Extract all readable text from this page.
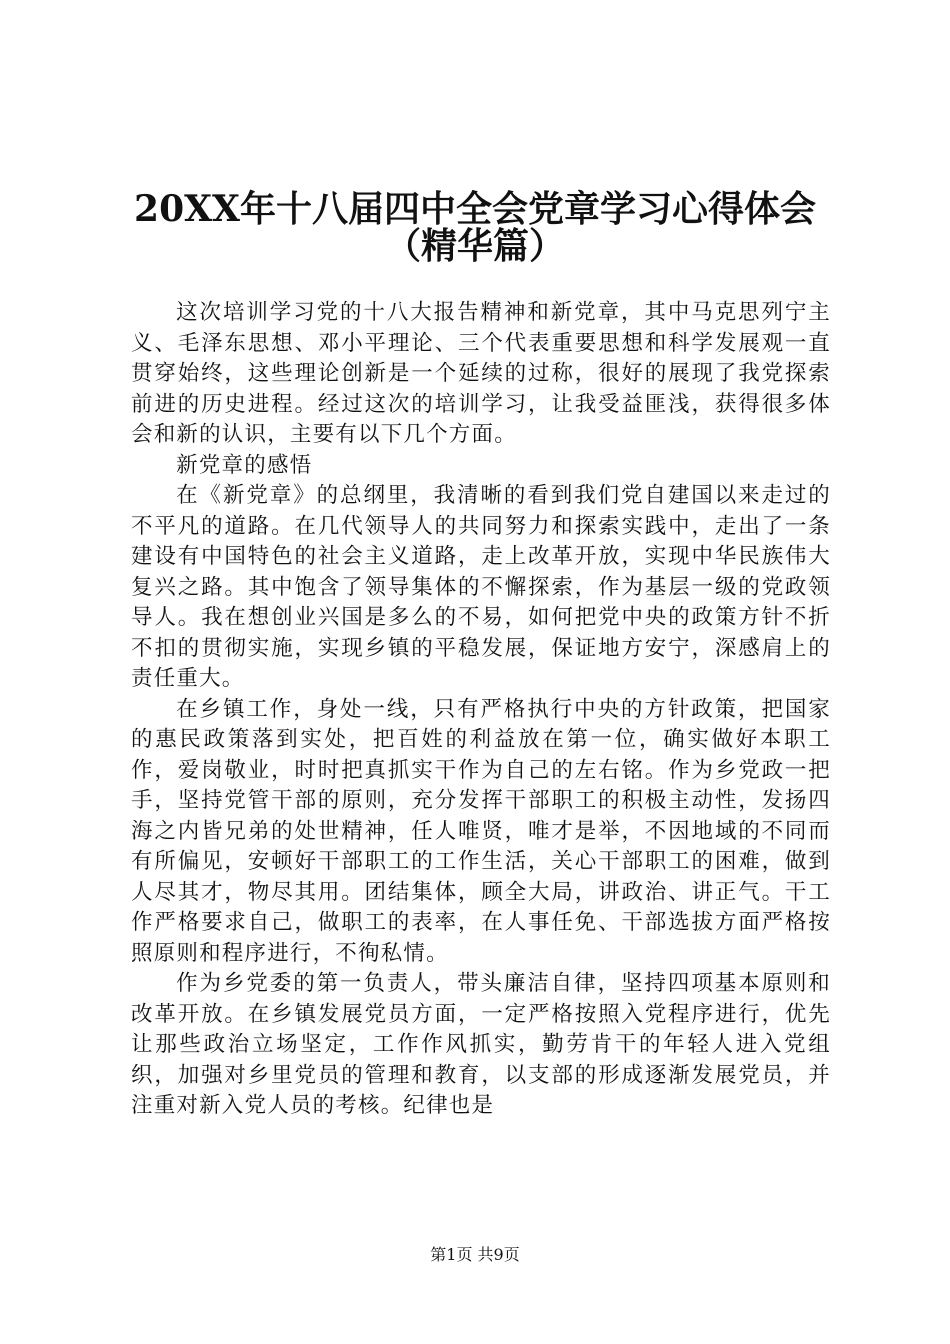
20XX年十八届四中全会党章学习心得体会
（精华篇）

这次培训学习党的十八大报告精神和新党章，其中马克思列宁主义、毛泽东思想、邓小平理论、三个代表重要思想和科学发展观一直贯穿始终，这些理论创新是一个延续的过称，很好的展现了我党探索前进的历史进程。经过这次的培训学习，让我受益匪浅，获得很多体会和新的认识，主要有以下几个方面。

新党章的感悟

在《新党章》的总纲里，我清晰的看到我们党自建国以来走过的不平凡的道路。在几代领导人的共同努力和探索实践中，走出了一条建设有中国特色的社会主义道路，走上改革开放，实现中华民族伟大复兴之路。其中饱含了领导集体的不懈探索，作为基层一级的党政领导人。我在想创业兴国是多么的不易，如何把党中央的政策方针不折不扣的贯彻实施，实现乡镇的平稳发展，保证地方安宁，深感肩上的责任重大。

在乡镇工作，身处一线，只有严格执行中央的方针政策，把国家的惠民政策落到实处，把百姓的利益放在第一位，确实做好本职工作，爱岗敬业，时时把真抓实干作为自己的左右铭。作为乡党政一把手，坚持党管干部的原则，充分发挥干部职工的积极主动性，发扬四海之内皆兄弟的处世精神，任人唯贤，唯才是举，不因地域的不同而有所偏见，安顿好干部职工的工作生活，关心干部职工的困难，做到人尽其才，物尽其用。团结集体，顾全大局，讲政治、讲正气。干工作严格要求自己，做职工的表率，在人事任免、干部选拔方面严格按照原则和程序进行，不徇私情。

作为乡党委的第一负责人，带头廉洁自律，坚持四项基本原则和改革开放。在乡镇发展党员方面，一定严格按照入党程序进行，优先让那些政治立场坚定，工作作风抓实，勤劳肯干的年轻人进入党组织，加强对乡里党员的管理和教育，以支部的形成逐渐发展党员，并注重对新入党人员的考核。纪律也是

第1页 共9页
